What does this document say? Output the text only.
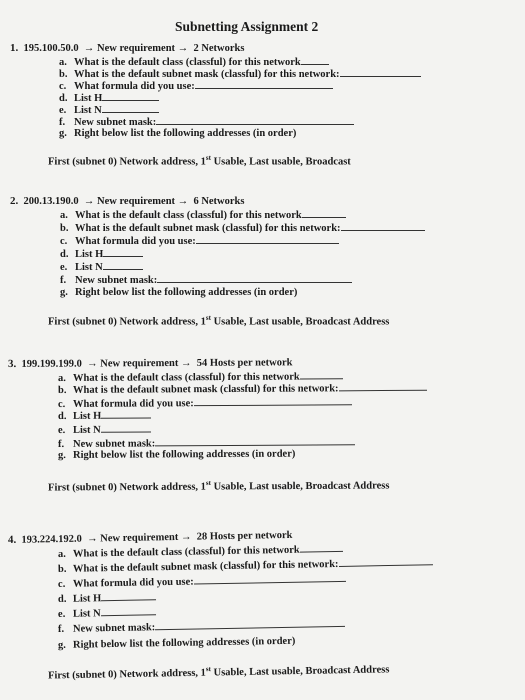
Subnetting Assignment 2
1. 195.100.50.0 → New requirement → 2 Networks
a. What is the default class (classful) for this network
b. What is the default subnet mask (classful) for this network:
c. What formula did you use:
d. List H
e. List N
f. New subnet mask:
g. Right below list the following addresses (in order)
First (subnet 0) Network address, 1st Usable, Last usable, Broadcast
2. 200.13.190.0 → New requirement → 6 Networks
a. What is the default class (classful) for this network
b. What is the default subnet mask (classful) for this network:
c. What formula did you use:
d. List H
e. List N
f. New subnet mask:
g. Right below list the following addresses (in order)
First (subnet 0) Network address, 1st Usable, Last usable, Broadcast Address
3. 199.199.199.0 → New requirement → 54 Hosts per network
a. What is the default class (classful) for this network
b. What is the default subnet mask (classful) for this network:
c. What formula did you use:
d. List H
e. List N
f. New subnet mask:
g. Right below list the following addresses (in order)
First (subnet 0) Network address, 1st Usable, Last usable, Broadcast Address
4. 193.224.192.0 → New requirement → 28 Hosts per network
a. What is the default class (classful) for this network
b. What is the default subnet mask (classful) for this network:
c. What formula did you use:
d. List H
e. List N
f. New subnet mask:
g. Right below list the following addresses (in order)
First (subnet 0) Network address, 1st Usable, Last usable, Broadcast Address
